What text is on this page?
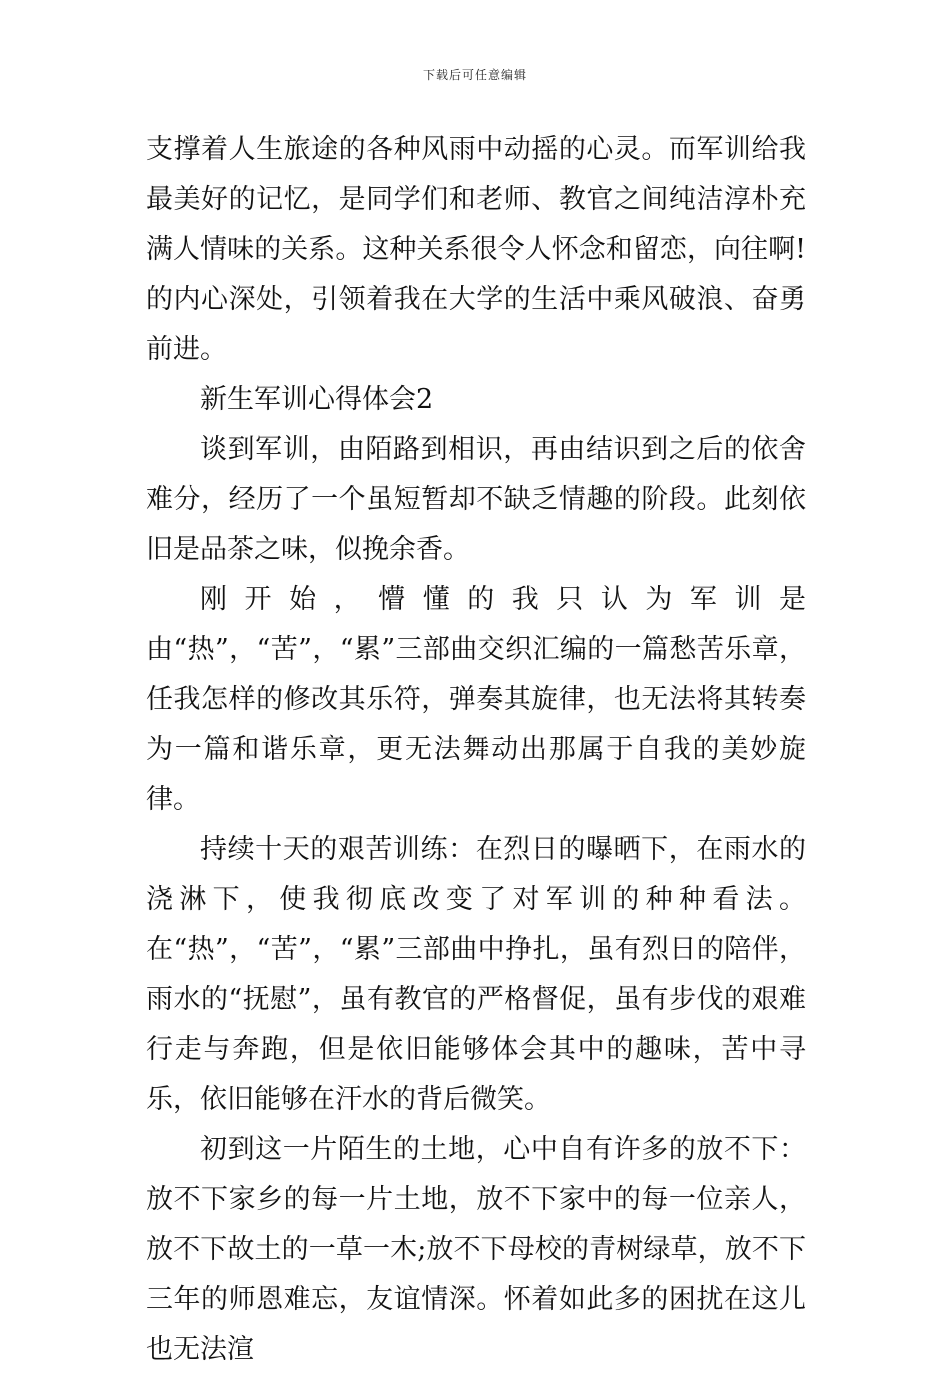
下载后可任意编辑

支撑着人生旅途的各种风雨中动摇的心灵。而军训给我最美好的记忆，是同学们和老师、教官之间纯洁淳朴充满人情味的关系。这种关系很令人怀念和留恋，向往啊!的内心深处，引领着我在大学的生活中乘风破浪、奋勇前进。

新生军训心得体会2

谈到军训，由陌路到相识，再由结识到之后的依舍难分，经历了一个虽短暂却不缺乏情趣的阶段。此刻依旧是品茶之味，似挽余香。

刚开始，懵懂的我只认为军训是由“热”，“苦”，“累”三部曲交织汇编的一篇愁苦乐章，任我怎样的修改其乐符，弹奏其旋律，也无法将其转奏为一篇和谐乐章，更无法舞动出那属于自我的美妙旋律。

持续十天的艰苦训练：在烈日的曝晒下，在雨水的浇淋下，使我彻底改变了对军训的种种看法。在“热”，“苦”，“累”三部曲中挣扎，虽有烈日的陪伴，雨水的“抚慰”，虽有教官的严格督促，虽有步伐的艰难行走与奔跑，但是依旧能够体会其中的趣味，苦中寻乐，依旧能够在汗水的背后微笑。

初到这一片陌生的土地，心中自有许多的放不下：放不下家乡的每一片土地，放不下家中的每一位亲人，放不下故土的一草一木;放不下母校的青树绿草，放不下三年的师恩难忘，友谊情深。怀着如此多的困扰在这儿也无法渲
